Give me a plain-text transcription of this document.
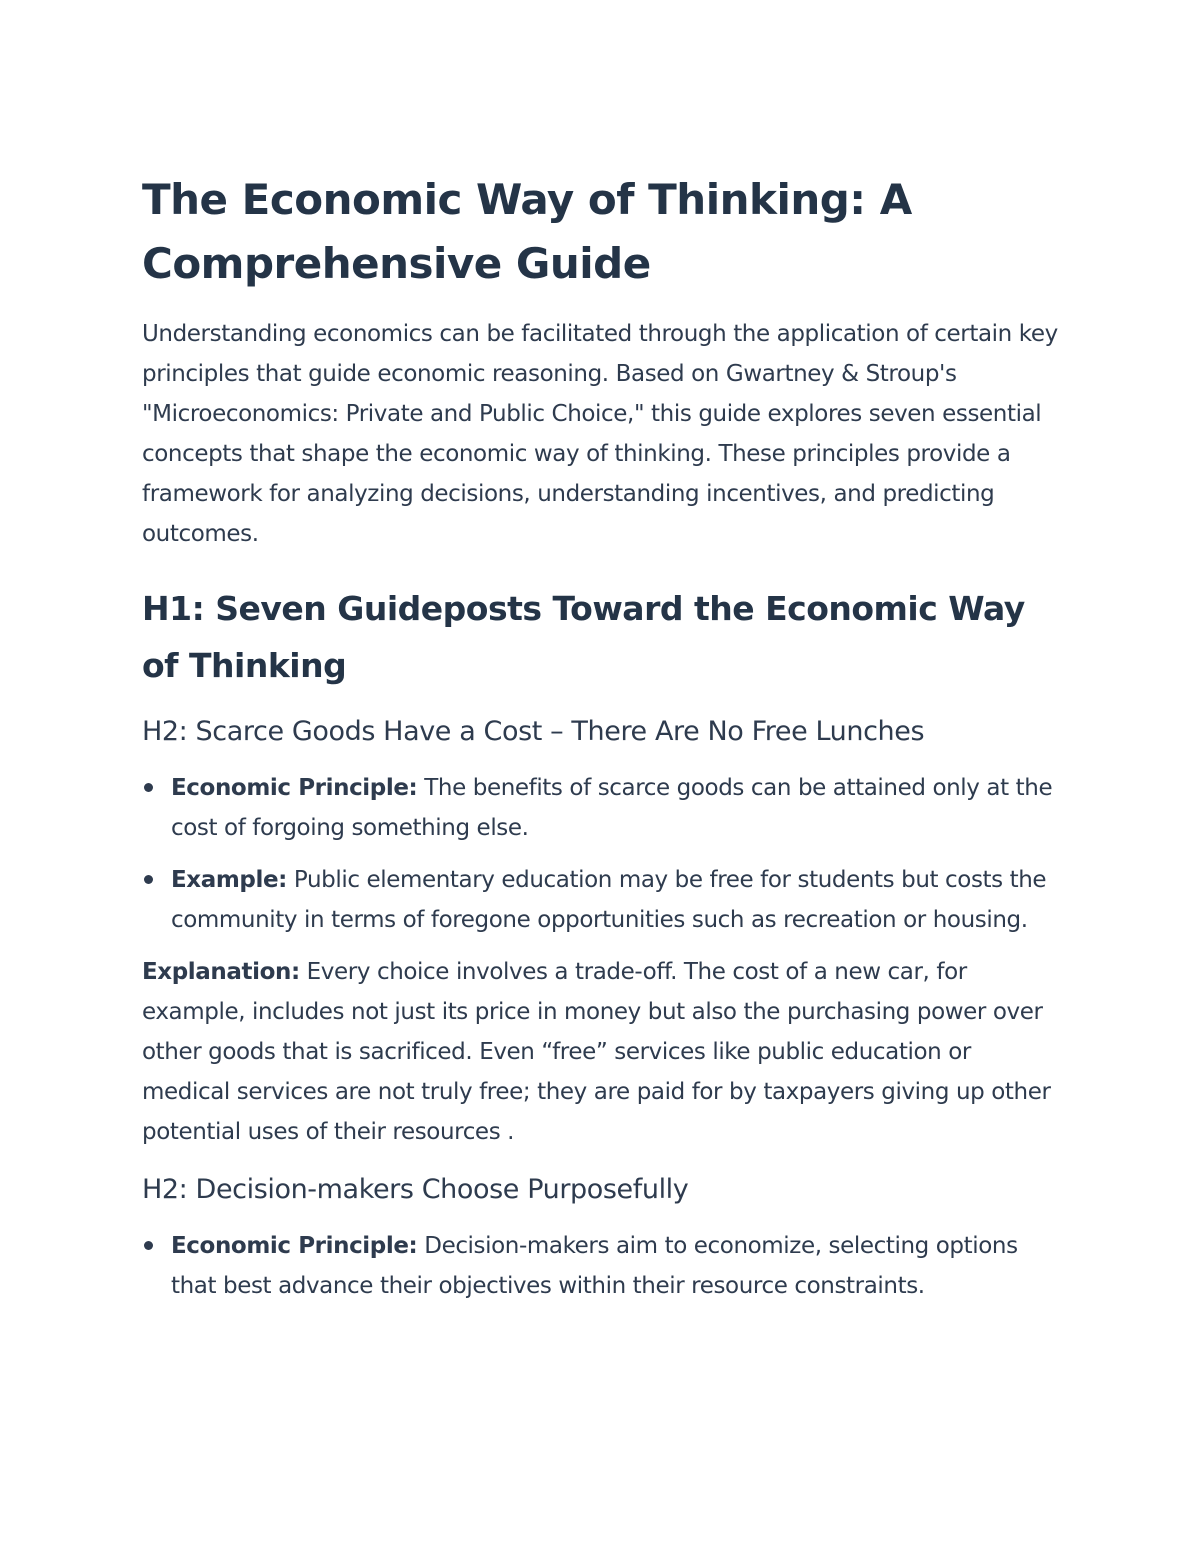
The Economic Way of Thinking: A Comprehensive Guide

Understanding economics can be facilitated through the application of certain key principles that guide economic reasoning. Based on Gwartney & Stroup's "Microeconomics: Private and Public Choice," this guide explores seven essential concepts that shape the economic way of thinking. These principles provide a framework for analyzing decisions, understanding incentives, and predicting outcomes.

H1: Seven Guideposts Toward the Economic Way of Thinking
H2: Scarce Goods Have a Cost – There Are No Free Lunches
Economic Principle: The benefits of scarce goods can be attained only at the cost of forgoing something else.
Example: Public elementary education may be free for students but costs the community in terms of foregone opportunities such as recreation or housing.

Explanation: Every choice involves a trade-off. The cost of a new car, for example, includes not just its price in money but also the purchasing power over other goods that is sacrificed. Even “free” services like public education or medical services are not truly free; they are paid for by taxpayers giving up other potential uses of their resources .

H2: Decision-makers Choose Purposefully
Economic Principle: Decision-makers aim to economize, selecting options that best advance their objectives within their resource constraints.
